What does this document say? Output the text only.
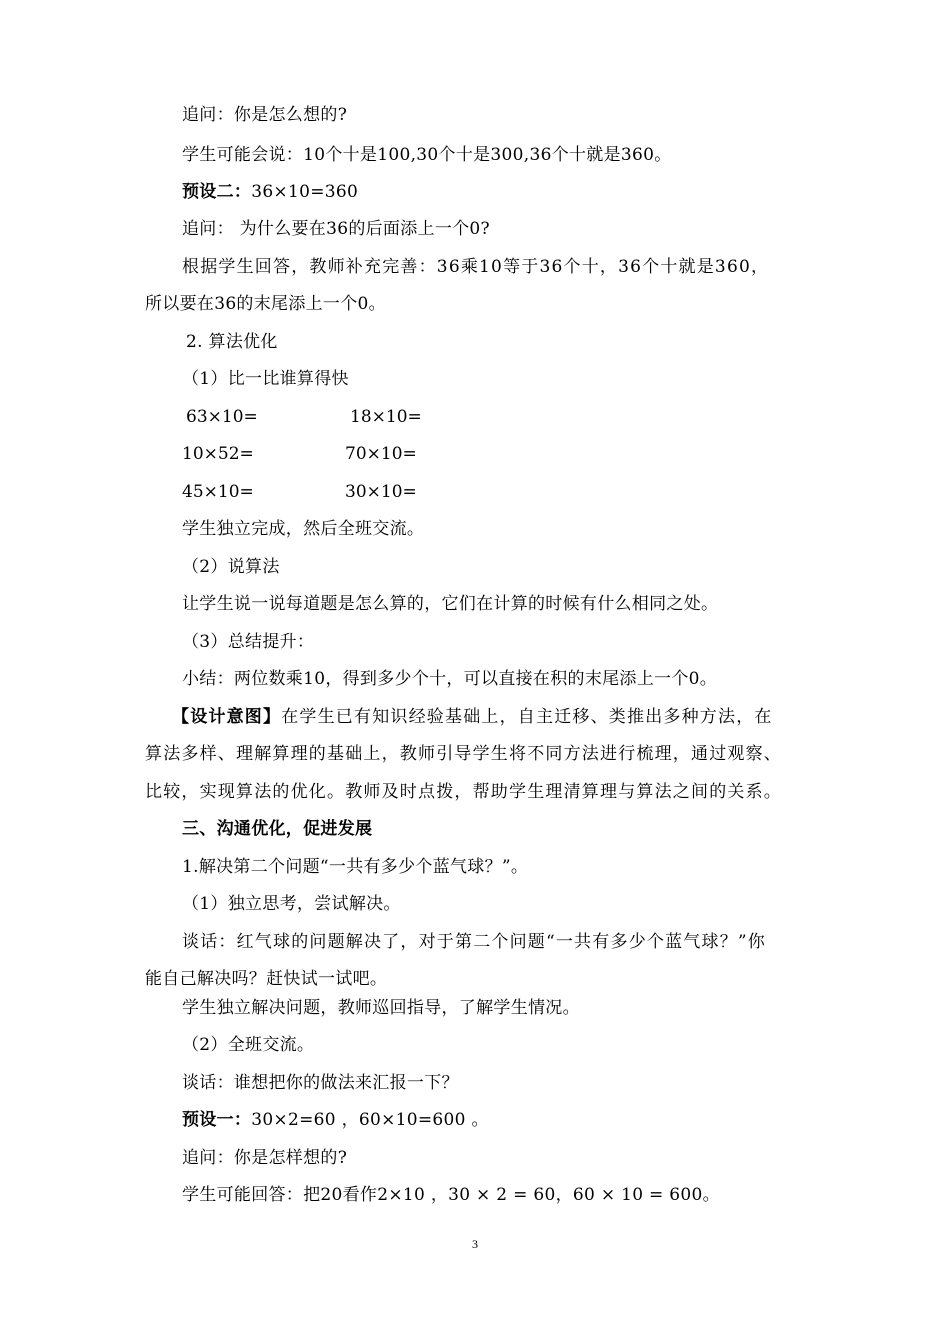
追问：你是怎么想的?
学生可能会说：10个十是100,30个十是300,36个十就是360。
预设二：36×10=360
追问： 为什么要在36的后面添上一个0?
根据学生回答，教师补充完善：36乘10等于36个十，36个十就是360，
所以要在36的末尾添上一个0。
2. 算法优化
（1）比一比谁算得快
63×10=	18×10=
10×52=	70×10=
45×10=	30×10=
学生独立完成，然后全班交流。
（2）说算法
让学生说一说每道题是怎么算的，它们在计算的时候有什么相同之处。
（3）总结提升：
小结：两位数乘10，得到多少个十，可以直接在积的末尾添上一个0。
【设计意图】在学生已有知识经验基础上，自主迁移、类推出多种方法，在
算法多样、理解算理的基础上，教师引导学生将不同方法进行梳理，通过观察、
比较，实现算法的优化。教师及时点拨，帮助学生理清算理与算法之间的关系。
三、沟通优化，促进发展
1.解决第二个问题“一共有多少个蓝气球？”。
（1）独立思考，尝试解决。
谈话：红气球的问题解决了，对于第二个问题“一共有多少个蓝气球？”你
能自己解决吗？赶快试一试吧。
学生独立解决问题，教师巡回指导，了解学生情况。
（2）全班交流。
谈话：谁想把你的做法来汇报一下？
预设一：30×2=60 ，60×10=600 。
追问：你是怎样想的?
学生可能回答：把20看作2×10 ，30 × 2 = 60，60 × 10 = 600。
3
